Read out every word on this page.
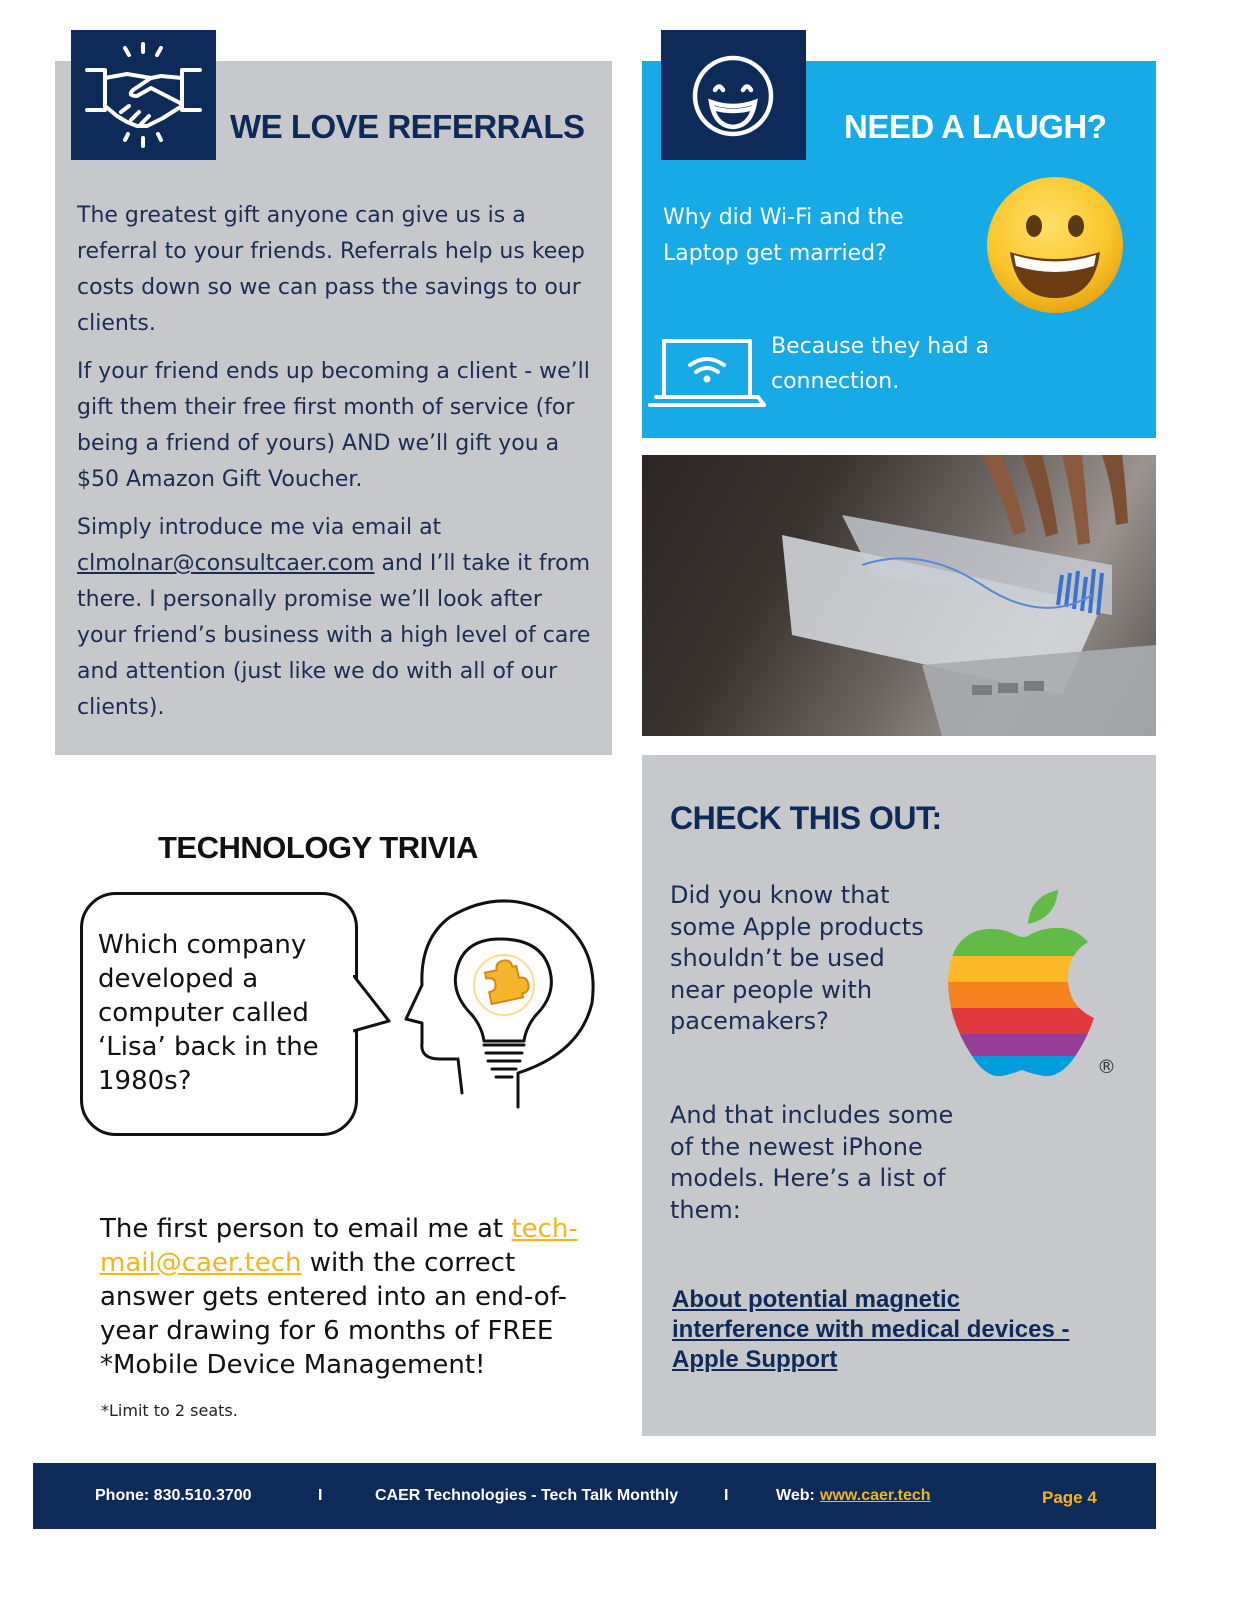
WE LOVE REFERRALS

The greatest gift anyone can give us is a referral to your friends. Referrals help us keep costs down so we can pass the savings to our clients.

If your friend ends up becoming a client - we’ll gift them their free first month of service (for being a friend of yours) AND we’ll gift you a $50 Amazon Gift Voucher.

Simply introduce me via email at clmolnar@consultcaer.com and I’ll take it from there. I personally promise we’ll look after your friend’s business with a high level of care and attention (just like we do with all of our clients).

NEED A LAUGH?
Why did Wi-Fi and the Laptop get married?
Because they had a connection.
TECHNOLOGY TRIVIA
Which company developed a computer called ‘Lisa’ back in the 1980s?
The first person to email me at tech-mail@caer.tech with the correct answer gets entered into an end-of-year drawing for 6 months of FREE *Mobile Device Management!
*Limit to 2 seats.
CHECK THIS OUT:
Did you know that some Apple products shouldn’t be used near people with pacemakers?
®
And that includes some of the newest iPhone models. Here’s a list of them:
About potential magnetic interference with medical devices - Apple Support
Phone: 830.510.3700	I	CAER Technologies - Tech Talk Monthly	I	Web: www.caer.tech	Page 4
